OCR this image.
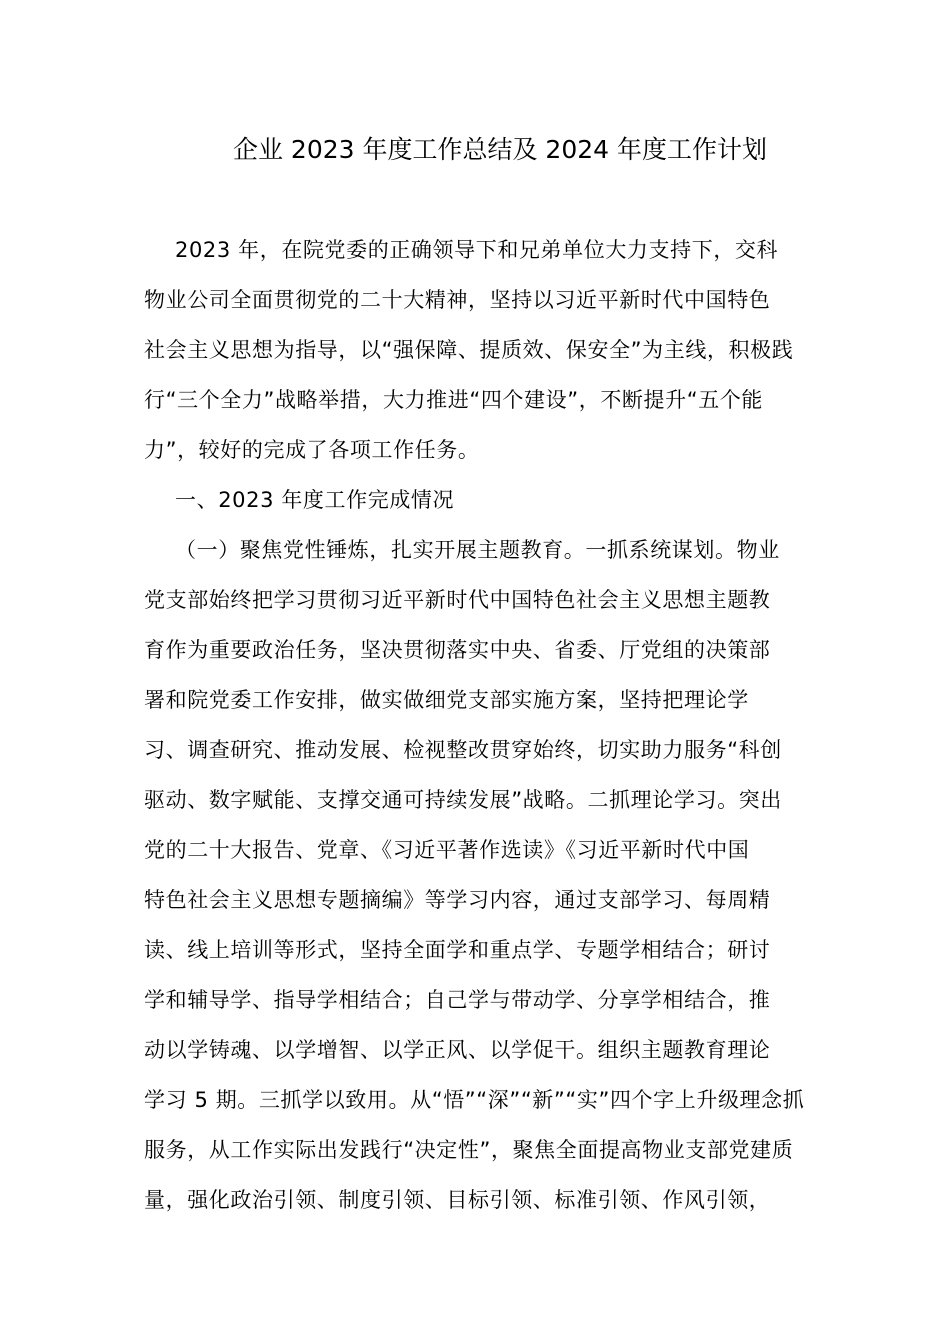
企业 2023 年度工作总结及 2024 年度工作计划
2023 年，在院党委的正确领导下和兄弟单位大力支持下，交科
物业公司全面贯彻党的二十大精神，坚持以习近平新时代中国特色
社会主义思想为指导，以“强保障、提质效、保安全”为主线，积极践
行“三个全力”战略举措，大力推进“四个建设”，不断提升“五个能
力”，较好的完成了各项工作任务。
一、2023 年度工作完成情况
（一）聚焦党性锤炼，扎实开展主题教育。一抓系统谋划。物业
党支部始终把学习贯彻习近平新时代中国特色社会主义思想主题教
育作为重要政治任务，坚决贯彻落实中央、省委、厅党组的决策部
署和院党委工作安排，做实做细党支部实施方案，坚持把理论学
习、调查研究、推动发展、检视整改贯穿始终，切实助力服务“科创
驱动、数字赋能、支撑交通可持续发展”战略。二抓理论学习。突出
党的二十大报告、党章、《习近平著作选读》《习近平新时代中国
特色社会主义思想专题摘编》等学习内容，通过支部学习、每周精
读、线上培训等形式，坚持全面学和重点学、专题学相结合；研讨
学和辅导学、指导学相结合；自己学与带动学、分享学相结合，推
动以学铸魂、以学增智、以学正风、以学促干。组织主题教育理论
学习 5 期。三抓学以致用。从“悟”“深”“新”“实”四个字上升级理念抓
服务，从工作实际出发践行“决定性”，聚焦全面提高物业支部党建质
量，强化政治引领、制度引领、目标引领、标准引领、作风引领，
